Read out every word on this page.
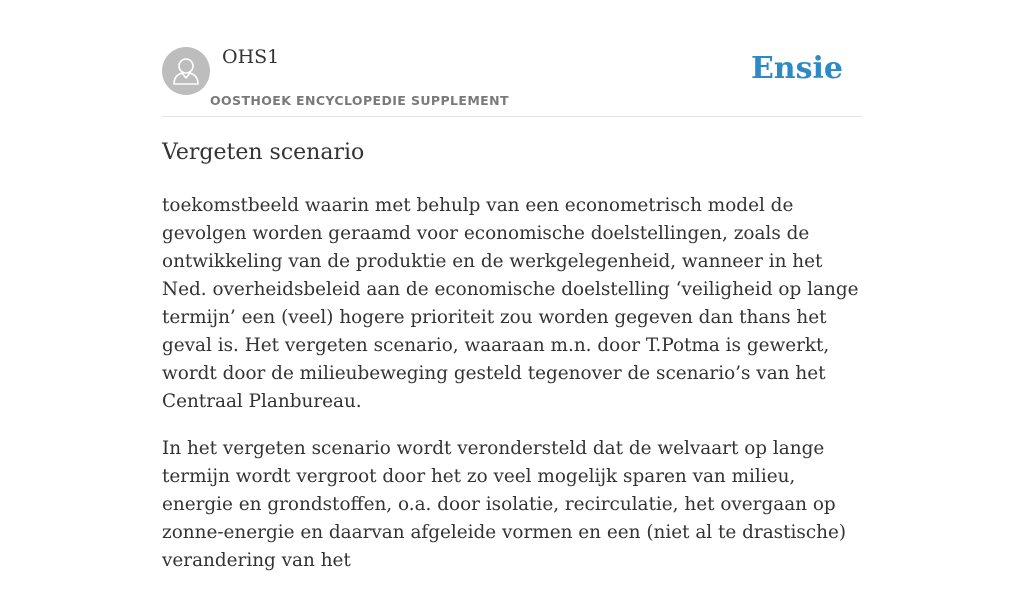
OHS1
OOSTHOEK ENCYCLOPEDIE SUPPLEMENT
Ensie
Vergeten scenario

toekomstbeeld waarin met behulp van een econometrisch model de gevolgen worden geraamd voor economische doelstellingen, zoals de ontwikkeling van de produktie en de werkgelegenheid, wanneer in het Ned. overheidsbeleid aan de economische doelstelling ‘veiligheid op lange termijn’ een (veel) hogere prioriteit zou worden gegeven dan thans het geval is. Het vergeten scenario, waaraan m.n. door T.Potma is gewerkt, wordt door de milieubeweging gesteld tegenover de scenario’s van het Centraal Planbureau.

In het vergeten scenario wordt verondersteld dat de welvaart op lange termijn wordt vergroot door het zo veel mogelijk sparen van milieu, energie en grondstoffen, o.a. door isolatie, recirculatie, het overgaan op zonne-energie en daarvan afgeleide vormen en een (niet al te drastische) verandering van het
